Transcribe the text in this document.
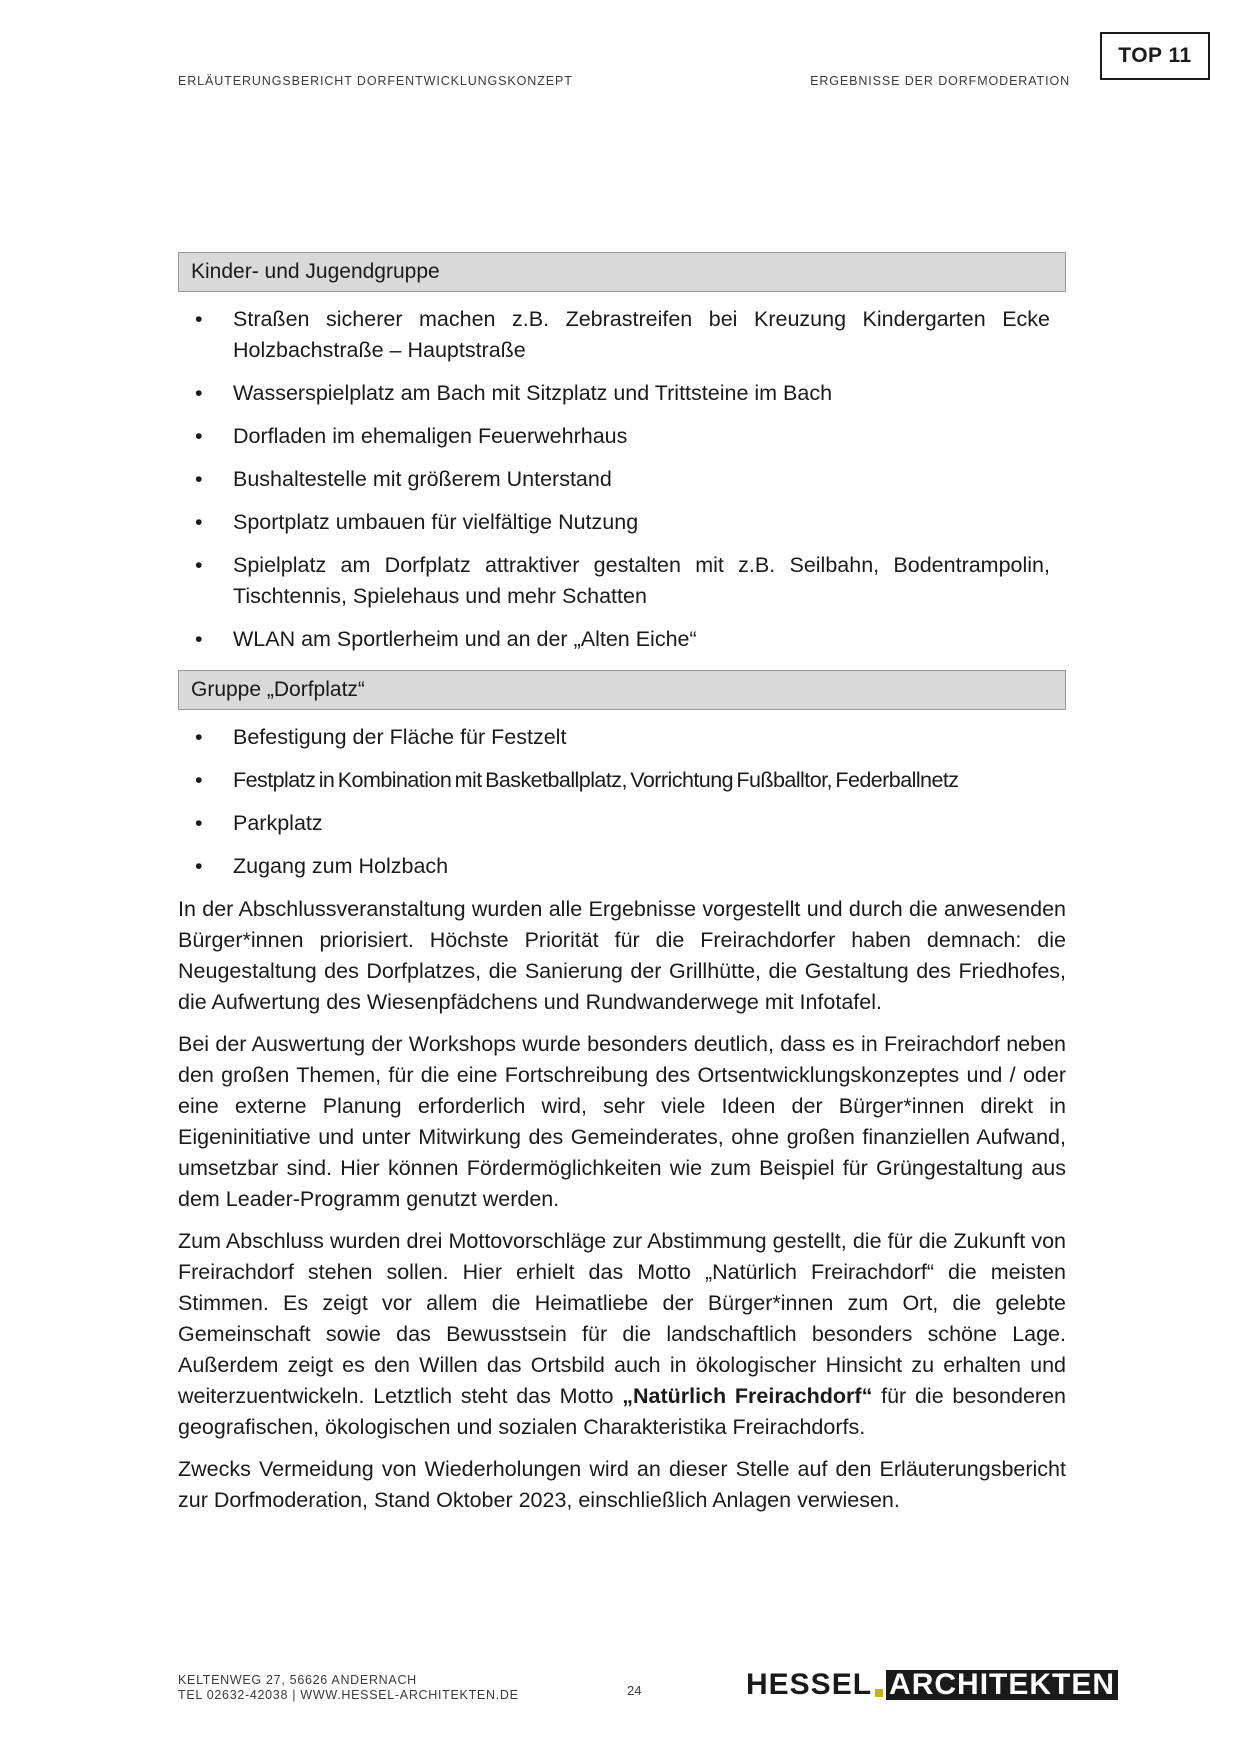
ERLÄUTERUNGSBERICHT DORFENTWICKLUNGSKONZEPT	ERGEBNISSE DER DORFMODERATION
TOP 11
Kinder- und Jugendgruppe
• Straßen sicherer machen z.B. Zebrastreifen bei Kreuzung Kindergarten Ecke Holzbachstraße – Hauptstraße
• Wasserspielplatz am Bach mit Sitzplatz und Trittsteine im Bach
• Dorfladen im ehemaligen Feuerwehrhaus
• Bushaltestelle mit größerem Unterstand
• Sportplatz umbauen für vielfältige Nutzung
• Spielplatz am Dorfplatz attraktiver gestalten mit z.B. Seilbahn, Bodentrampolin, Tischtennis, Spielehaus und mehr Schatten
• WLAN am Sportlerheim und an der „Alten Eiche“
Gruppe „Dorfplatz“
• Befestigung der Fläche für Festzelt
• Festplatz in Kombination mit Basketballplatz, Vorrichtung Fußballtor, Federballnetz
• Parkplatz
• Zugang zum Holzbach

In der Abschlussveranstaltung wurden alle Ergebnisse vorgestellt und durch die anwesenden Bürger*innen priorisiert. Höchste Priorität für die Freirachdorfer haben demnach: die Neugestaltung des Dorfplatzes, die Sanierung der Grillhütte, die Gestaltung des Friedhofes, die Aufwertung des Wiesenpfädchens und Rundwanderwege mit Infotafel.

Bei der Auswertung der Workshops wurde besonders deutlich, dass es in Freirachdorf neben den großen Themen, für die eine Fortschreibung des Ortsentwicklungskonzeptes und / oder eine externe Planung erforderlich wird, sehr viele Ideen der Bürger*innen direkt in Eigeninitiative und unter Mitwirkung des Gemeinderates, ohne großen finanziellen Aufwand, umsetzbar sind. Hier können Fördermöglichkeiten wie zum Beispiel für Grüngestaltung aus dem Leader-Programm genutzt werden.

Zum Abschluss wurden drei Mottovorschläge zur Abstimmung gestellt, die für die Zukunft von Freirachdorf stehen sollen. Hier erhielt das Motto „Natürlich Freirachdorf“ die meisten Stimmen. Es zeigt vor allem die Heimatliebe der Bürger*innen zum Ort, die gelebte Gemeinschaft sowie das Bewusstsein für die landschaftlich besonders schöne Lage. Außerdem zeigt es den Willen das Ortsbild auch in ökologischer Hinsicht zu erhalten und weiterzuentwickeln. Letztlich steht das Motto „Natürlich Freirachdorf“ für die besonderen geografischen, ökologischen und sozialen Charakteristika Freirachdorfs.

Zwecks Vermeidung von Wiederholungen wird an dieser Stelle auf den Erläuterungsbericht zur Dorfmoderation, Stand Oktober 2023, einschließlich Anlagen verwiesen.

KELTENWEG 27, 56626 ANDERNACH
TEL 02632-42038 | WWW.HESSEL-ARCHITEKTEN.DE	24	HESSEL ARCHITEKTEN
